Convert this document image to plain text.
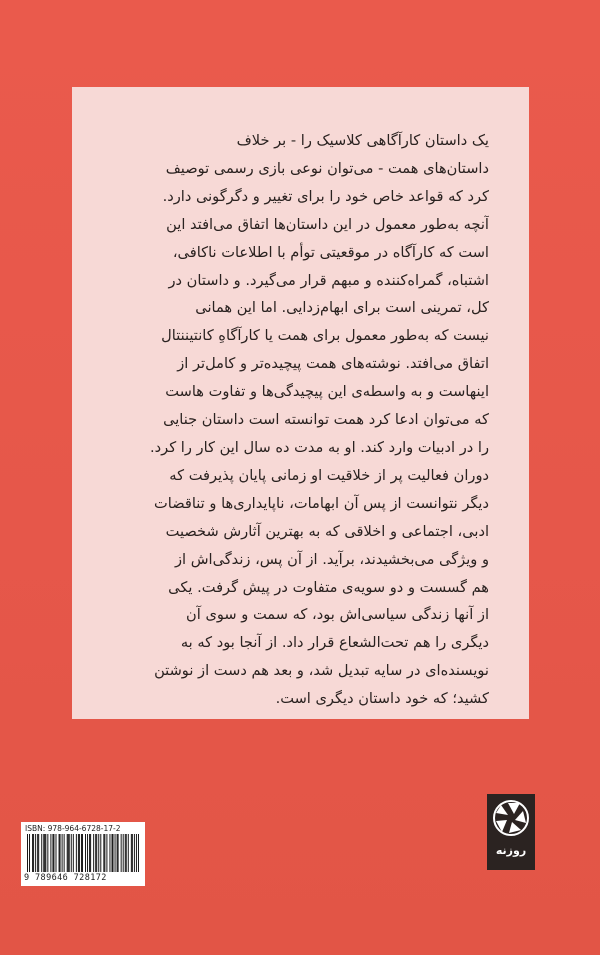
یک داستان کارآگاهی کلاسیک را - بر خلاف
داستان‌های همت - می‌توان نوعی بازی رسمی توصیف
کرد که قواعد خاص خود را برای تغییر و دگرگونی دارد.
آنچه به‌طور معمول در این داستان‌ها اتفاق می‌افتد این
است که کارآگاه در موقعیتی توأم با اطلاعات ناکافی،
اشتباه، گمراه‌کننده و مبهم قرار می‌گیرد. و داستان در
کل، تمرینی است برای ابهام‌زدایی. اما این همانی
نیست که به‌طور معمول برای همت یا کارآگاهِ کانتیننتال
اتفاق می‌افتد. نوشته‌های همت پیچیده‌تر و کامل‌تر از
اینهاست و به واسطه‌ی این پیچیدگی‌ها و تفاوت هاست
که می‌توان ادعا کرد همت توانسته است داستان جنایی
را در ادبیات وارد کند. او به مدت ده سال این کار را کرد.
دوران فعالیت پر از خلاقیت او زمانی پایان پذیرفت که
دیگر نتوانست از پس آن ابهامات، ناپایداری‌ها و تناقضات
ادبی، اجتماعی و اخلاقی که به بهترین آثارش شخصیت
و ویژگی می‌بخشیدند، برآید. از آن پس، زندگی‌اش از
هم گسست و دو سویه‌ی متفاوت در پیش گرفت. یکی
از آنها زندگی سیاسی‌اش بود، که سمت و سوی آن
دیگری را هم تحت‌الشعاع قرار داد. از آنجا بود که به
نویسنده‌ای در سایه تبدیل شد، و بعد هم دست از نوشتن
کشید؛ که خود داستان دیگری است.

ISBN: 978-964-6728-17-2
9 789646 728172
روزنه
